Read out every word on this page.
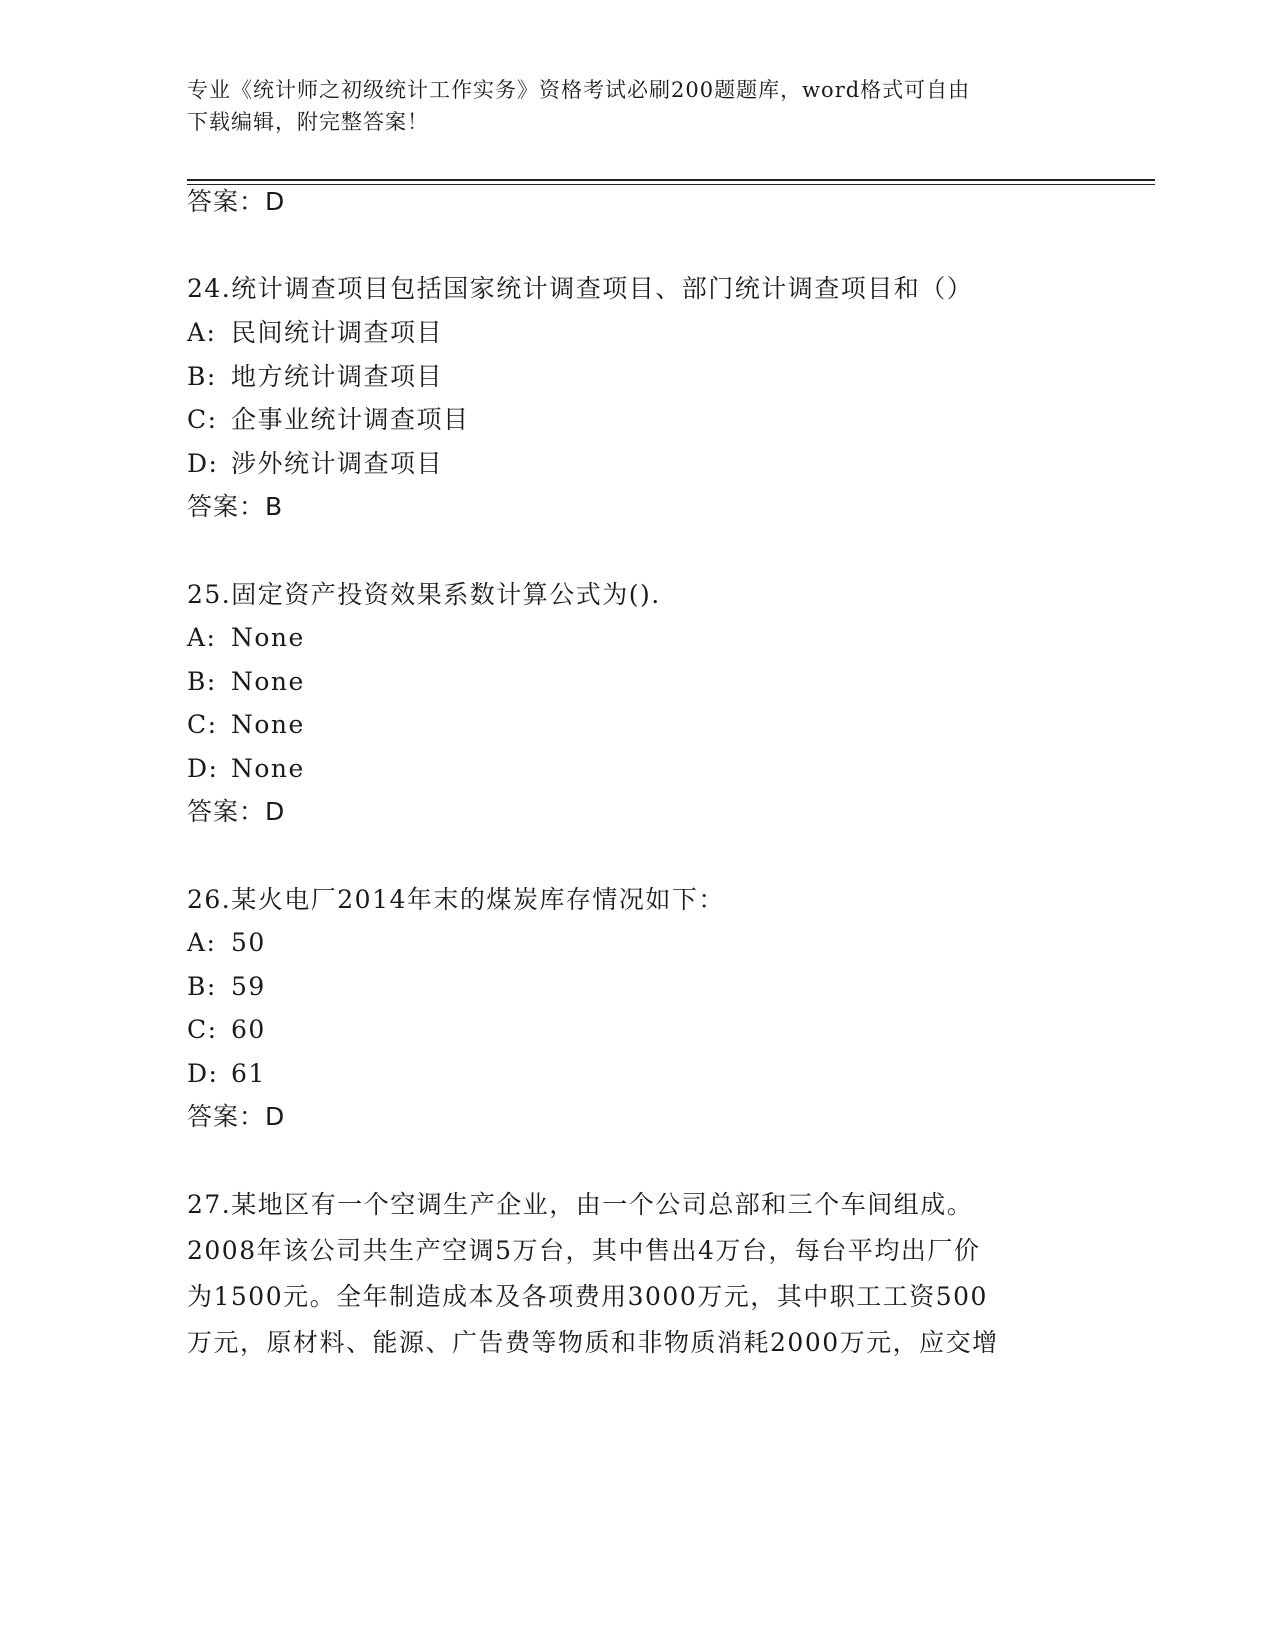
专业《统计师之初级统计工作实务》资格考试必刷200题题库，word格式可自由
下载编辑，附完整答案！
答案：D
24.统计调查项目包括国家统计调查项目、部门统计调查项目和（）
A: 民间统计调查项目
B: 地方统计调查项目
C: 企事业统计调查项目
D: 涉外统计调查项目
答案：B
25.固定资产投资效果系数计算公式为().
A: None
B: None
C: None
D: None
答案：D
26.某火电厂2014年末的煤炭库存情况如下：
A: 50
B: 59
C: 60
D: 61
答案：D
27.某地区有一个空调生产企业，由一个公司总部和三个车间组成。
2008年该公司共生产空调5万台，其中售出4万台，每台平均出厂价
为1500元。全年制造成本及各项费用3000万元，其中职工工资500
万元，原材料、能源、广告费等物质和非物质消耗2000万元，应交增
